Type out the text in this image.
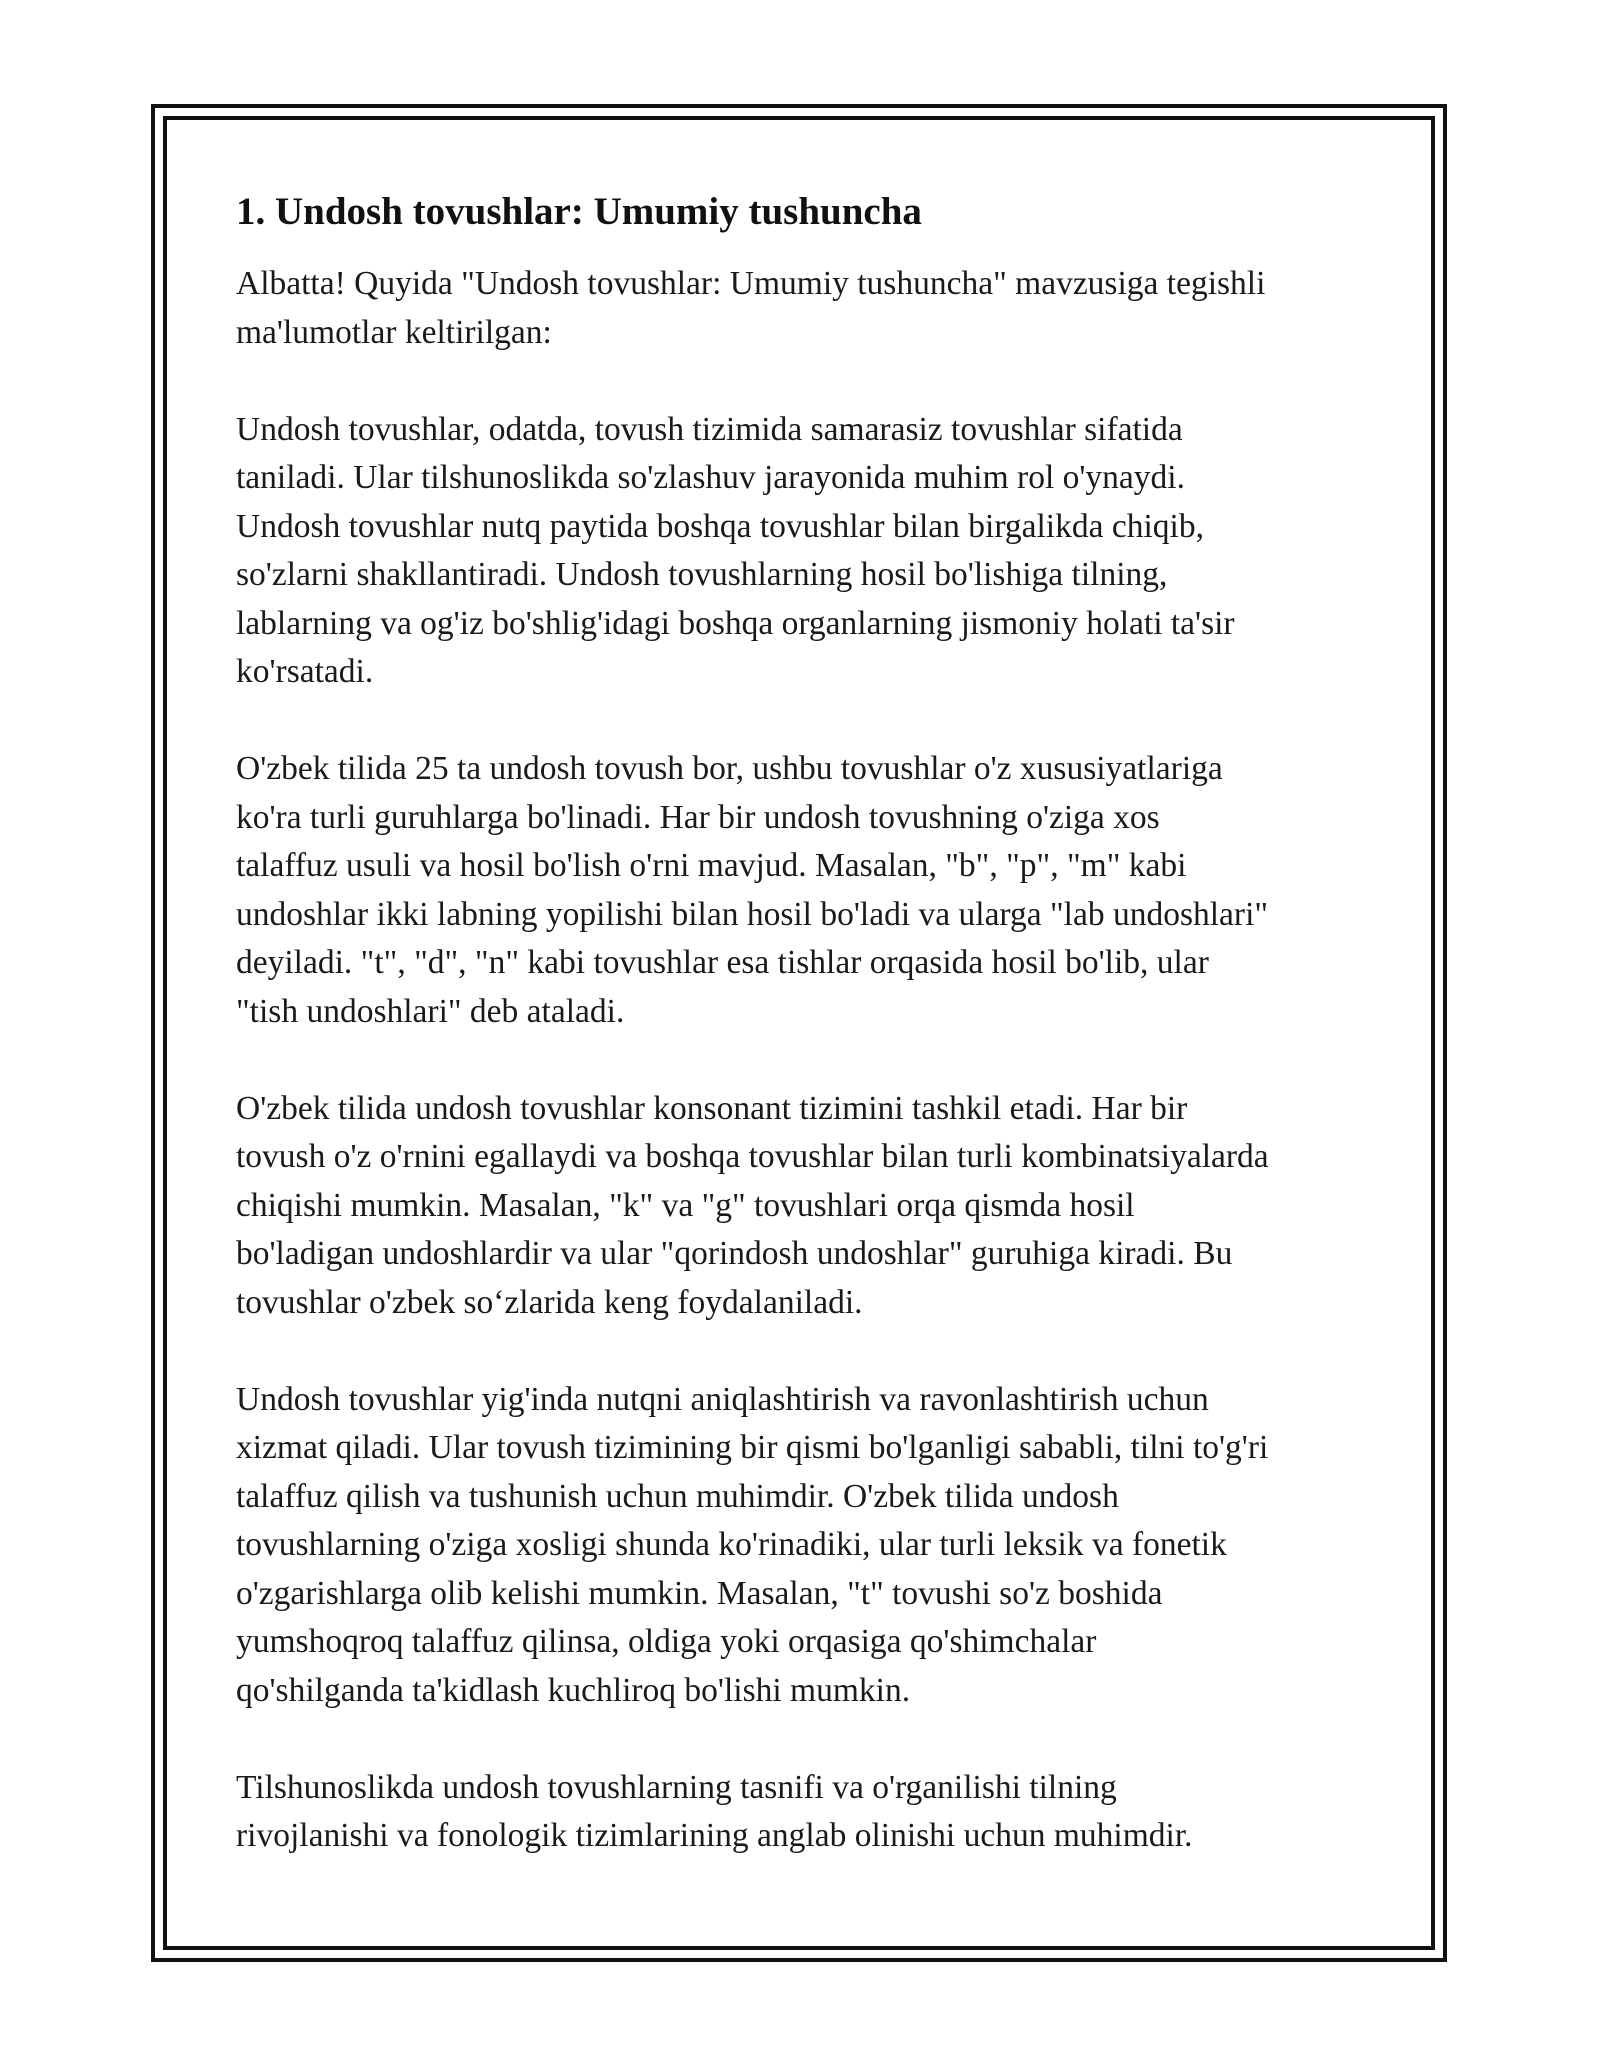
1. Undosh tovushlar: Umumiy tushuncha

Albatta! Quyida "Undosh tovushlar: Umumiy tushuncha" mavzusiga tegishli
ma'lumotlar keltirilgan:

Undosh tovushlar, odatda, tovush tizimida samarasiz tovushlar sifatida
taniladi. Ular tilshunoslikda so'zlashuv jarayonida muhim rol o'ynaydi.
Undosh tovushlar nutq paytida boshqa tovushlar bilan birgalikda chiqib,
so'zlarni shakllantiradi. Undosh tovushlarning hosil bo'lishiga tilning,
lablarning va og'iz bo'shlig'idagi boshqa organlarning jismoniy holati ta'sir
ko'rsatadi.

O'zbek tilida 25 ta undosh tovush bor, ushbu tovushlar o'z xususiyatlariga
ko'ra turli guruhlarga bo'linadi. Har bir undosh tovushning o'ziga xos
talaffuz usuli va hosil bo'lish o'rni mavjud. Masalan, "b", "p", "m" kabi
undoshlar ikki labning yopilishi bilan hosil bo'ladi va ularga "lab undoshlari"
deyiladi. "t", "d", "n" kabi tovushlar esa tishlar orqasida hosil bo'lib, ular
"tish undoshlari" deb ataladi.

O'zbek tilida undosh tovushlar konsonant tizimini tashkil etadi. Har bir
tovush o'z o'rnini egallaydi va boshqa tovushlar bilan turli kombinatsiyalarda
chiqishi mumkin. Masalan, "k" va "g" tovushlari orqa qismda hosil
bo'ladigan undoshlardir va ular "qorindosh undoshlar" guruhiga kiradi. Bu
tovushlar o'zbek so‘zlarida keng foydalaniladi.

Undosh tovushlar yig'inda nutqni aniqlashtirish va ravonlashtirish uchun
xizmat qiladi. Ular tovush tizimining bir qismi bo'lganligi sababli, tilni to'g'ri
talaffuz qilish va tushunish uchun muhimdir. O'zbek tilida undosh
tovushlarning o'ziga xosligi shunda ko'rinadiki, ular turli leksik va fonetik
o'zgarishlarga olib kelishi mumkin. Masalan, "t" tovushi so'z boshida
yumshoqroq talaffuz qilinsa, oldiga yoki orqasiga qo'shimchalar
qo'shilganda ta'kidlash kuchliroq bo'lishi mumkin.

Tilshunoslikda undosh tovushlarning tasnifi va o'rganilishi tilning
rivojlanishi va fonologik tizimlarining anglab olinishi uchun muhimdir.
